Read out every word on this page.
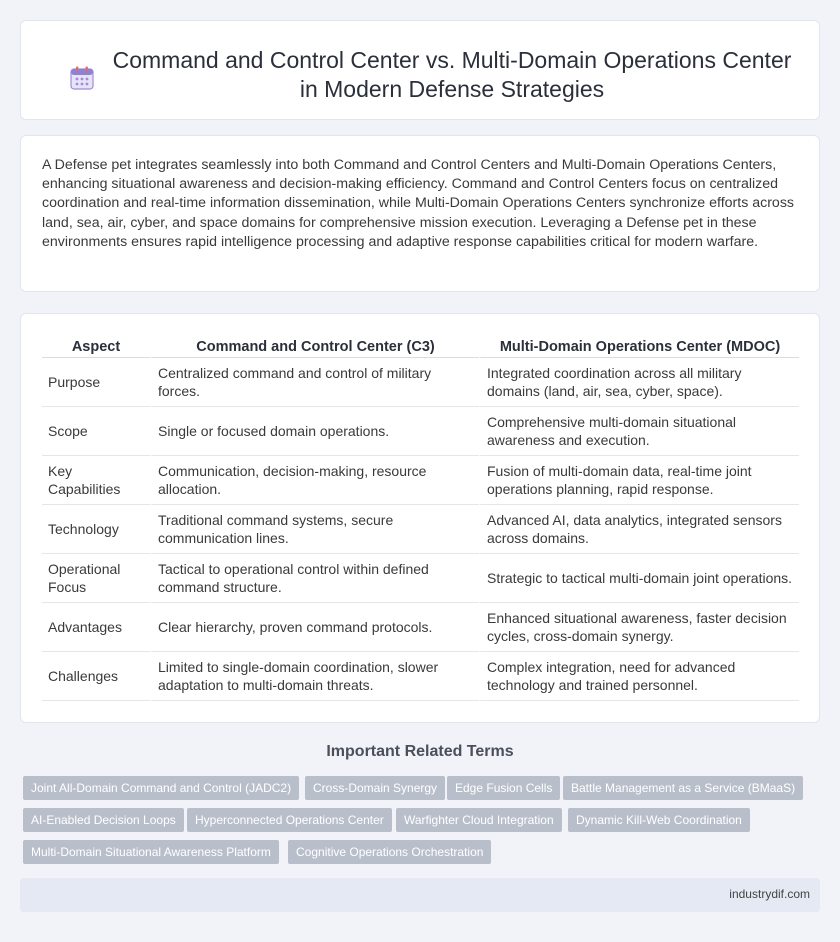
Command and Control Center vs. Multi-Domain Operations Center
in Modern Defense Strategies

A Defense pet integrates seamlessly into both Command and Control Centers and Multi-Domain Operations Centers, enhancing situational awareness and decision-making efficiency. Command and Control Centers focus on centralized coordination and real-time information dissemination, while Multi-Domain Operations Centers synchronize efforts across land, sea, air, cyber, and space domains for comprehensive mission execution. Leveraging a Defense pet in these environments ensures rapid intelligence processing and adaptive response capabilities critical for modern warfare.

Aspect	Command and Control Center (C3)	Multi-Domain Operations Center (MDOC)
Purpose	Centralized command and control of military forces.	Integrated coordination across all military domains (land, air, sea, cyber, space).
Scope	Single or focused domain operations.	Comprehensive multi-domain situational awareness and execution.
Key Capabilities	Communication, decision-making, resource allocation.	Fusion of multi-domain data, real-time joint operations planning, rapid response.
Technology	Traditional command systems, secure communication lines.	Advanced AI, data analytics, integrated sensors across domains.
Operational Focus	Tactical to operational control within defined command structure.	Strategic to tactical multi-domain joint operations.
Advantages	Clear hierarchy, proven command protocols.	Enhanced situational awareness, faster decision cycles, cross-domain synergy.
Challenges	Limited to single-domain coordination, slower adaptation to multi-domain threats.	Complex integration, need for advanced technology and trained personnel.
Important Related Terms
Joint All-Domain Command and Control (JADC2)	Cross-Domain Synergy	Edge Fusion Cells	Battle Management as a Service (BMaaS)
AI-Enabled Decision Loops	Hyperconnected Operations Center	Warfighter Cloud Integration	Dynamic Kill-Web Coordination
Multi-Domain Situational Awareness Platform	Cognitive Operations Orchestration
industrydif.com
